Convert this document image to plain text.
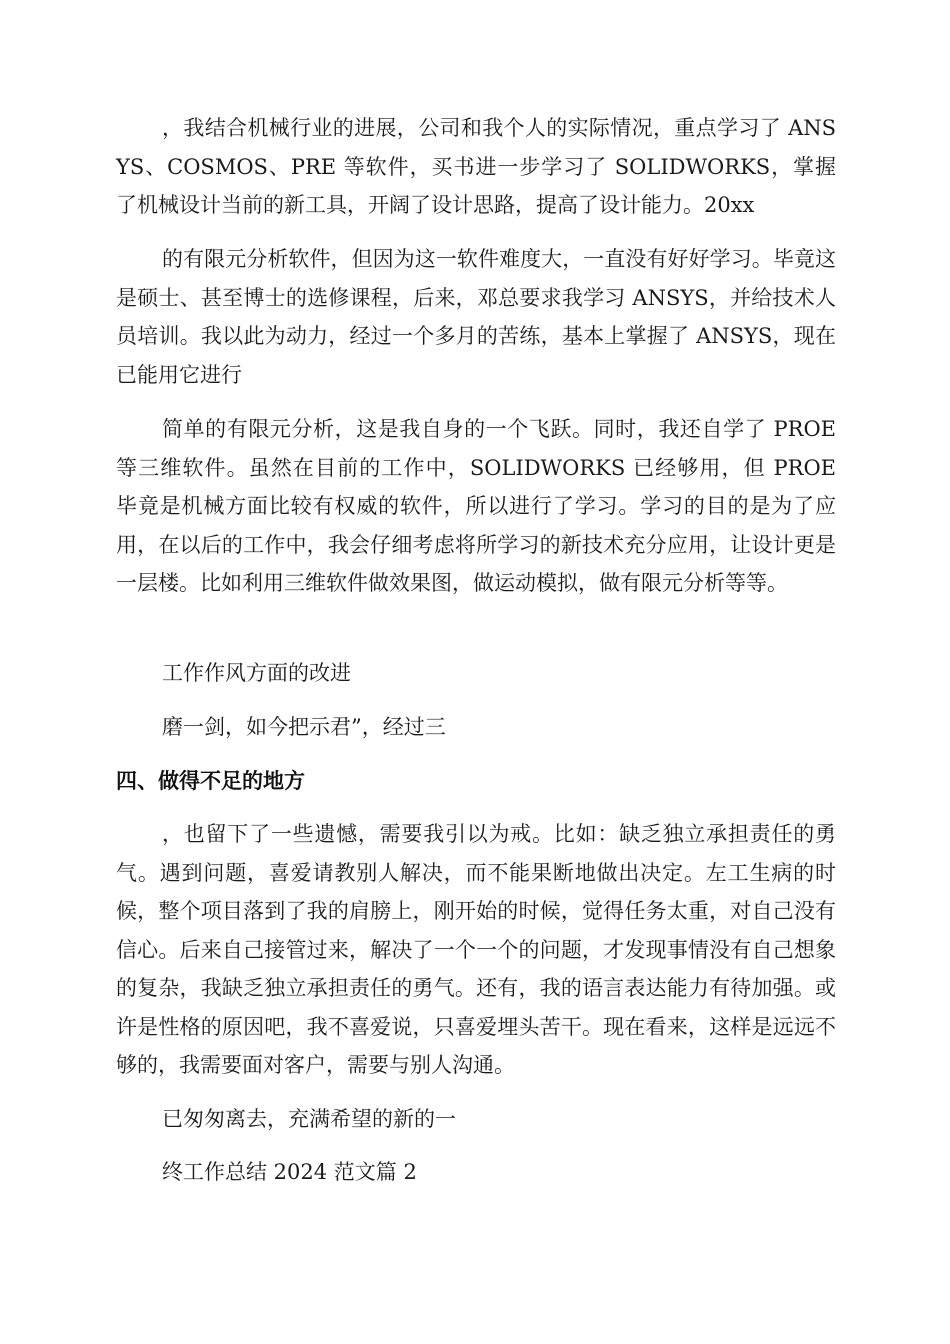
，我结合机械行业的进展，公司和我个人的实际情况，重点学习了 ANSYS、COSMOS、PRE 等软件，买书进一步学习了 SOLIDWORKS，掌握了机械设计当前的新工具，开阔了设计思路，提高了设计能力。20xx

的有限元分析软件，但因为这一软件难度大，一直没有好好学习。毕竟这是硕士、甚至博士的选修课程，后来，邓总要求我学习 ANSYS，并给技术人员培训。我以此为动力，经过一个多月的苦练，基本上掌握了 ANSYS，现在已能用它进行

简单的有限元分析，这是我自身的一个飞跃。同时，我还自学了 PROE 等三维软件。虽然在目前的工作中，SOLIDWORKS 已经够用，但 PROE 毕竟是机械方面比较有权威的软件，所以进行了学习。学习的目的是为了应用，在以后的工作中，我会仔细考虑将所学习的新技术充分应用，让设计更是一层楼。比如利用三维软件做效果图，做运动模拟，做有限元分析等等。

工作作风方面的改进

磨一剑，如今把示君”，经过三

四、做得不足的地方

，也留下了一些遗憾，需要我引以为戒。比如：缺乏独立承担责任的勇气。遇到问题，喜爱请教别人解决，而不能果断地做出决定。左工生病的时候，整个项目落到了我的肩膀上，刚开始的时候，觉得任务太重，对自己没有信心。后来自己接管过来，解决了一个一个的问题，才发现事情没有自己想象的复杂，我缺乏独立承担责任的勇气。还有，我的语言表达能力有待加强。或许是性格的原因吧，我不喜爱说，只喜爱埋头苦干。现在看来，这样是远远不够的，我需要面对客户，需要与别人沟通。

已匆匆离去，充满希望的新的一

终工作总结 2024 范文篇 2
